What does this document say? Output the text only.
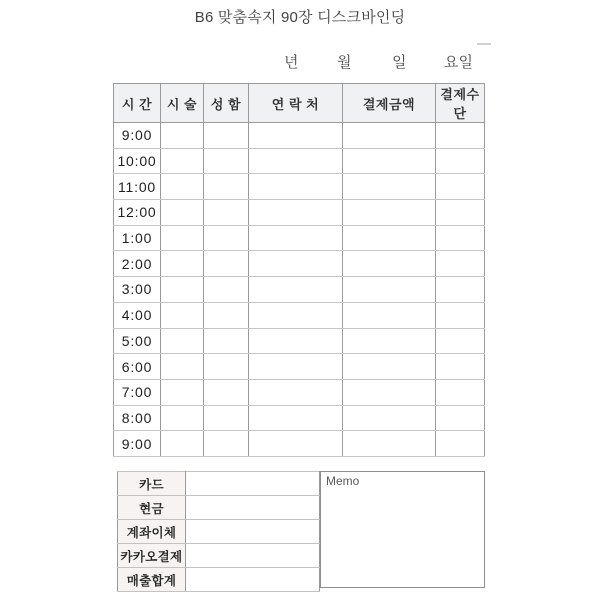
B6 맞춤속지 90장 디스크바인딩
년	월	일	요일
시 간	시 술	성 함	연 락 처	결제금액	결제수단
9:00					
10:00					
11:00					
12:00					
1:00					
2:00					
3:00					
4:00					
5:00					
6:00					
7:00					
8:00					
9:00					
카드	
현금	
계좌이체	
카카오결제	
매출합계	
Memo
